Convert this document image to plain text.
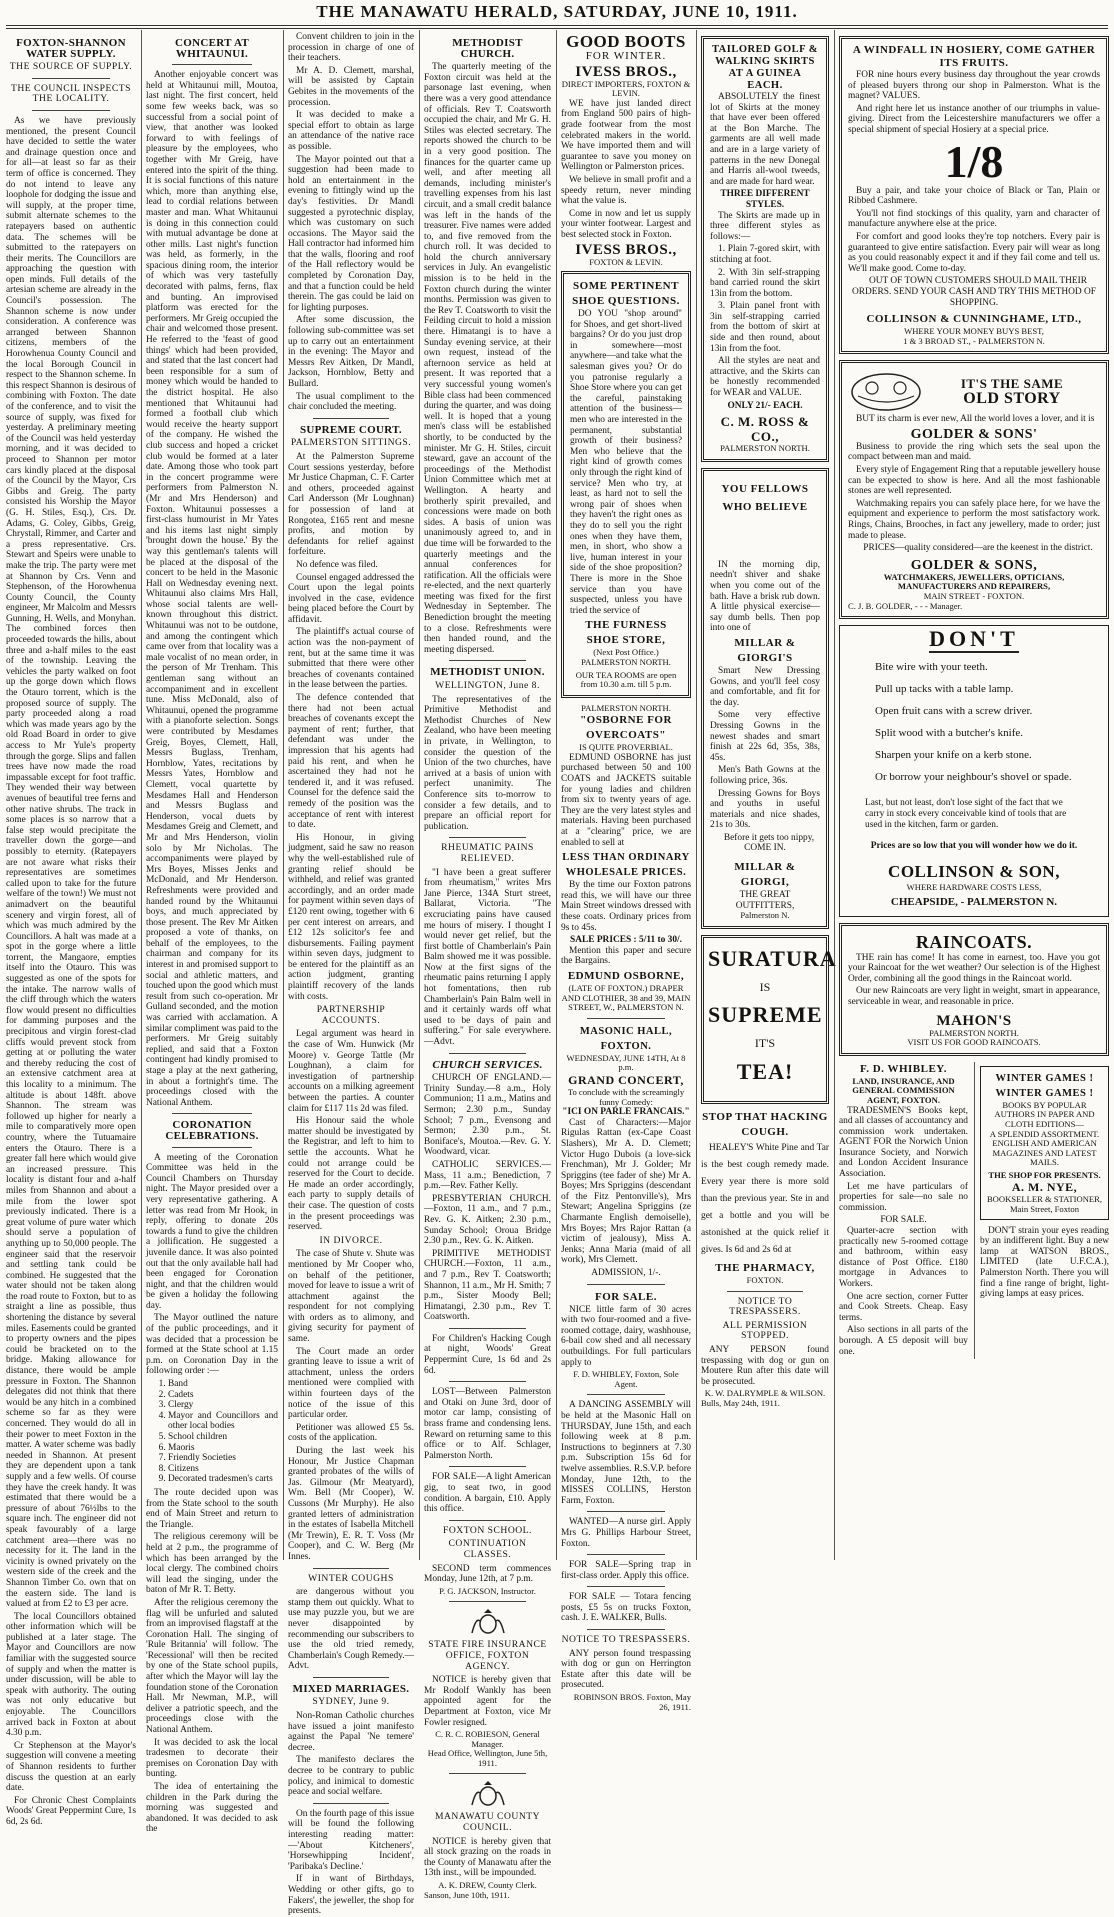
THE MANAWATU HERALD, SATURDAY, JUNE 10, 1911.
FOXTON-SHANNON WATER SUPPLY.
THE SOURCE OF SUPPLY.
THE COUNCIL INSPECTS THE LOCALITY.

As we have previously mentioned, the present Council have decided to settle the water and drainage question once and for all—at least so far as their term of office is concerned. They do not intend to leave any loophole for dodging the issue and will supply, at the proper time, submit alternate schemes to the ratepayers based on authentic data. The schemes will be submitted to the ratepayers on their merits. The Councillors are approaching the question with open minds. Full details of the artesian scheme are already in the Council's possession. The Shannon scheme is now under consideration. A conference was arranged between Shannon citizens, members of the Horowhenua County Council and the local Borough Council in respect to the Shannon scheme. In this respect Shannon is desirous of combining with Foxton. The date of the conference, and to visit the source of supply, was fixed for yesterday. A preliminary meeting of the Council was held yesterday morning, and it was decided to proceed to Shannon per motor cars kindly placed at the disposal of the Council by the Mayor, Crs Gibbs and Greig. The party consisted his Worship the Mayor (G. H. Stiles, Esq.), Crs. Dr. Adams, G. Coley, Gibbs, Greig, Chrystall, Rimmer, and Carter and a press representative. Crs. Stewart and Speirs were unable to make the trip. The party were met at Shannon by Crs. Venn and Stephenson, of the Horowhenua County Council, the County engineer, Mr Malcolm and Messrs Gunning, H. Wells, and Monyhan. The combined forces then proceeded towards the hills, about three and a-half miles to the east of the township. Leaving the vehicles the party walked on foot up the gorge down which flows the Otauro torrent, which is the proposed source of supply. The party proceeded along a road which was made years ago by the old Road Board in order to give access to Mr Yule's property through the gorge. Slips and fallen trees have now made the road impassable except for foot traffic. They wended their way between avenues of beautiful tree ferns and other native shrubs. The track in some places is so narrow that a false step would precipitate the traveller down the gorge—and possibly to eternity. (Ratepayers are not aware what risks their representatives are sometimes called upon to take for the future welfare of the town!) We must not animadvert on the beautiful scenery and virgin forest, all of which was much admired by the Councillors. A halt was made at a spot in the gorge where a little torrent, the Mangaore, empties itself into the Otauro. This was suggested as one of the spots for the intake. The narrow walls of the cliff through which the waters flow would present no difficulties for damming purposes and the precipitous and virgin forest-clad cliffs would prevent stock from getting at or polluting the water and thereby reducing the cost of an extensive catchment area at this locality to a minimum. The altitude is about 148ft. above Shannon. The stream was followed up higher for nearly a mile to comparatively more open country, where the Tutuamaire enters the Otauro. There is a greater fall here which would give an increased pressure. This locality is distant four and a-half miles from Shannon and about a mile from the lower spot previously indicated. There is a great volume of pure water which should serve a population of anything up to 50,000 people. The engineer said that the reservoir and settling tank could be combined. He suggested that the water should not be taken along the road route to Foxton, but to as straight a line as possible, thus shortening the distance by several miles. Easements could be granted to property owners and the pipes could be bracketed on to the bridge. Making allowance for distance, there would be ample pressure in Foxton. The Shannon delegates did not think that there would be any hitch in a combined scheme so far as they were concerned. They would do all in their power to meet Foxton in the matter. A water scheme was badly needed in Shannon. At present they are dependent upon a tank supply and a few wells. Of course they have the creek handy. It was estimated that there would be a pressure of about 76½lbs to the square inch. The engineer did not speak favourably of a large catchment area—there was no necessity for it. The land in the vicinity is owned privately on the western side of the creek and the Shannon Timber Co. own that on the eastern side. The land is valued at from £2 to £3 per acre.

The local Councillors obtained other information which will be published at a later stage. The Mayor and Councillors are now familiar with the suggested source of supply and when the matter is under discussion, will be able to speak with authority. The outing was not only educative but enjoyable. The Councillors arrived back in Foxton at about 4.30 p.m.

Cr Stephenson at the Mayor's suggestion will convene a meeting of Shannon residents to further discuss the question at an early date.

For Chronic Chest Complaints Woods' Great Peppermint Cure, 1s 6d, 2s 6d.

CONCERT AT WHITAUNUI.

Another enjoyable concert was held at Whitaunui mill, Moutoa, last night. The first concert, held some few weeks back, was so successful from a social point of view, that another was looked forward to with feelings of pleasure by the employees, who together with Mr Greig, have entered into the spirit of the thing. It is social functions of this nature which, more than anything else, lead to cordial relations between master and man. What Whitaunui is doing in this connection could with mutual advantage be done at other mills. Last night's function was held, as formerly, in the spacious dining room, the interior of which was very tastefully decorated with palms, ferns, flax and bunting. An improvised platform was erected for the performers. Mr Greig occupied the chair and welcomed those present. He referred to the 'feast of good things' which had been provided, and stated that the last concert had been responsible for a sum of money which would be handed to the district hospital. He also mentioned that Whitaunui had formed a football club which would receive the hearty support of the company. He wished the club success and hoped a cricket club would be formed at a later date. Among those who took part in the concert programme were performers from Palmerston N. (Mr and Mrs Henderson) and Foxton. Whitaunui possesses a first-class humourist in Mr Yates and his items last night simply 'brought down the house.' By the way this gentleman's talents will be placed at the disposal of the concert to be held in the Masonic Hall on Wednesday evening next. Whitaunui also claims Mrs Hall, whose social talents are well-known throughout this district. Whitaunui was not to be outdone, and among the contingent which came over from that locality was a male vocalist of no mean order, in the person of Mr Trenham. This gentleman sang without an accompaniment and in excellent tune. Miss McDonald, also of Whitaunui, opened the programme with a pianoforte selection. Songs were contributed by Mesdames Greig, Boyes, Clemett, Hall, Messrs Buglass, Trenham, Hornblow, Yates, recitations by Messrs Yates, Hornblow and Clemett, vocal quartette by Mesdames Hall and Henderson and Messrs Buglass and Henderson, vocal duets by Mesdames Greig and Clemett, and Mr and Mrs Henderson, violin solo by Mr Nicholas. The accompaniments were played by Mrs Boyes, Misses Jenks and McDonald, and Mr Henderson. Refreshments were provided and handed round by the Whitaunui boys, and much appreciated by those present. The Rev Mr Aitken proposed a vote of thanks, on behalf of the employees, to the chairman and company for its interest in and promised support to social and athletic matters, and touched upon the good which must result from such co-operation. Mr Gulland seconded, and the motion was carried with acclamation. A similar compliment was paid to the performers. Mr Greig suitably replied, and said that a Foxton contingent had kindly promised to stage a play at the next gathering, in about a fortnight's time. The proceedings closed with the National Anthem.

CORONATION CELEBRATIONS.

A meeting of the Coronation Committee was held in the Council Chambers on Thursday night. The Mayor presided over a very representative gathering. A letter was read from Mr Hook, in reply, offering to donate 20s towards a fund to give the children a jollification. He suggested a juvenile dance. It was also pointed out that the only available hall had been engaged for Coronation night, and that the children would be given a holiday the following day.

The Mayor outlined the nature of the public proceedings, and it was decided that a procession be formed at the State school at 1.15 p.m. on Coronation Day in the following order :—

1. Band
2. Cadets
3. Clergy
4. Mayor and Councillors and other local bodies
5. School children
6. Maoris
7. Friendly Societies
8. Citizens
9. Decorated tradesmen's carts

The route decided upon was from the State school to the south end of Main Street and return to the Triangle.

The religious ceremony will be held at 2 p.m., the programme of which has been arranged by the local clergy. The combined choirs will lead the singing, under the baton of Mr R. T. Betty.

After the religious ceremony the flag will be unfurled and saluted from an improvised flagstaff at the Coronation Hall. The singing of 'Rule Britannia' will follow. The 'Recessional' will then be recited by one of the State school pupils, after which the Mayor will lay the foundation stone of the Coronation Hall. Mr Newman, M.P., will deliver a patriotic speech, and the proceedings close with the National Anthem.

It was decided to ask the local tradesmen to decorate their premises on Coronation Day with bunting.

The idea of entertaining the children in the Park during the morning was suggested and abandoned. It was decided to ask the

Convent children to join in the procession in charge of one of their teachers.

Mr A. D. Clemett, marshal, will be assisted by Captain Gebites in the movements of the procession.

It was decided to make a special effort to obtain as large an attendance of the native race as possible.

The Mayor pointed out that a suggestion had been made to hold an entertainment in the evening to fittingly wind up the day's festivities. Dr Mandl suggested a pyrotechnic display, which was customary on such occasions. The Mayor said the Hall contractor had informed him that the walls, flooring and roof of the Hall reflectory would be completed by Coronation Day, and that a function could be held therein. The gas could be laid on for lighting purposes.

After some discussion, the following sub-committee was set up to carry out an entertainment in the evening: The Mayor and Messrs Rev Aitken, Dr Mandl, Jackson, Hornblow, Betty and Bullard.

The usual compliment to the chair concluded the meeting.

SUPREME COURT.
PALMERSTON SITTINGS.

At the Palmerston Supreme Court sessions yesterday, before Mr Justice Chapman, C. F. Carter and others, proceeded against Carl Andersson (Mr Loughnan) for possession of land at Rongotea, £165 rent and mesne profits, and motion by defendants for relief against forfeiture.

No defence was filed.

Counsel engaged addressed the Court upon the legal points involved in the case, evidence being placed before the Court by affidavit.

The plaintiff's actual course of action was the non-payment of rent, but at the same time it was submitted that there were other breaches of covenants contained in the lease between the parties.

The defence contended that there had not been actual breaches of covenants except the payment of rent; further, that defendant was under the impression that his agents had paid his rent, and when he ascertained they had not he tendered it, and it was refused. Counsel for the defence said the remedy of the position was the acceptance of rent with interest to date.

His Honour, in giving judgment, said he saw no reason why the well-established rule of granting relief should be withheld, and relief was granted accordingly, and an order made for payment within seven days of £120 rent owing, together with 6 per cent interest on arrears, and £12 12s solicitor's fee and disbursements. Failing payment within seven days, judgment to be entered for the plaintiff as an action judgment, granting plaintiff recovery of the lands with costs.

PARTNERSHIP ACCOUNTS.

Legal argument was heard in the case of Wm. Hunwick (Mr Moore) v. George Tattle (Mr Loughnan), a claim for investigation of partnership accounts on a milking agreement between the parties. A counter claim for £117 11s 2d was filed.

His Honour said the whole matter should be investigated by the Registrar, and left to him to settle the accounts. What he could not arrange could be reserved for the Court to decide. He made an order accordingly, each party to supply details of their case. The question of costs in the present proceedings was reserved.

IN DIVORCE.

The case of Shute v. Shute was mentioned by Mr Cooper who, on behalf of the petitioner, moved for leave to issue a writ of attachment against the respondent for not complying with orders as to alimony, and giving security for payment of same.

The Court made an order granting leave to issue a writ of attachment, unless the orders mentioned were complied with within fourteen days of the notice of the issue of this particular order.

Petitioner was allowed £5 5s. costs of the application.

During the last week his Honour, Mr Justice Chapman granted probates of the wills of Jas. Gilmour (Mr Meatyard), Wm. Bell (Mr Cooper), W. Cussons (Mr Murphy). He also granted letters of administration in the estates of Isabella Mitchell (Mr Trewin), E. R. T. Voss (Mr Cooper), and C. W. Berg (Mr Innes.

WINTER COUGHS

are dangerous without you stamp them out quickly. What to use may puzzle you, but we are never disappointed by recommending our subscribers to use the old tried remedy, Chamberlain's Cough Remedy.—Advt.

MIXED MARRIAGES.
SYDNEY, June 9.

Non-Roman Catholic churches have issued a joint manifesto against the Papal 'Ne temere' decree.

The manifesto declares the decree to be contrary to public policy, and inimical to domestic peace and social welfare.

On the fourth page of this issue will be found the following interesting reading matter:—'About Kitcheners', 'Horsewhipping Incident', 'Paribaka's Decline.'

If in want of Birthdays, Wedding or other gifts, go to Fakers', the jeweller, the shop for presents.

METHODIST CHURCH.

The quarterly meeting of the Foxton circuit was held at the parsonage last evening, when there was a very good attendance of officials. Rev T. Coatsworth occupied the chair, and Mr G. H. Stiles was elected secretary. The reports showed the church to be in a very good position. The finances for the quarter came up well, and after meeting all demands, including minister's travelling expenses from his last circuit, and a small credit balance was left in the hands of the treasurer. Five names were added to, and five removed from the church roll. It was decided to hold the church anniversary services in July. An evangelistic mission is to be held in the Foxton church during the winter months. Permission was given to the Rev T. Coatsworth to visit the Feilding circuit to hold a mission there. Himatangi is to have a Sunday evening service, at their own request, instead of the afternoon service as held at present. It was reported that a very successful young women's Bible class had been commenced during the quarter, and was doing well. It is hoped that a young men's class will be established shortly, to be conducted by the minister. Mr G. H. Stiles, circuit steward, gave an account of the proceedings of the Methodist Union Committee which met at Wellington. A hearty and brotherly spirit prevailed, and concessions were made on both sides. A basis of union was unanimously agreed to, and in due time will be forwarded to the quarterly meetings and the annual conferences for ratification. All the officials were re-elected, and the next quarterly meeting was fixed for the first Wednesday in September. The Benediction brought the meeting to a close. Refreshments were then handed round, and the meeting dispersed.

METHODIST UNION.
WELLINGTON, June 8.

The representatives of the Primitive Methodist and Methodist Churches of New Zealand, who have been meeting in private, in Wellington, to consider the question of the Union of the two churches, have arrived at a basis of union with perfect unanimity. The Conference sits to-morrow to consider a few details, and to prepare an official report for publication.

RHEUMATIC PAINS RELIEVED.

"I have been a great sufferer from rheumatism," writes Mrs Jane Pierce, 134A Sturt street, Ballarat, Victoria. "The excruciating pains have caused me hours of misery. I thought I would never get relief, but the first bottle of Chamberlain's Pain Balm showed me it was possible. Now at the first signs of the rheumatic pains returning I apply hot fomentations, then rub Chamberlain's Pain Balm well in and it certainly wards off what used to be days of pain and suffering." For sale everywhere.—Advt.

CHURCH SERVICES.

CHURCH OF ENGLAND.—Trinity Sunday.—8 a.m., Holy Communion; 11 a.m., Matins and Sermon; 2.30 p.m., Sunday School; 7 p.m., Evensong and Sermon; 2.30 p.m., St. Boniface's, Moutoa.—Rev. G. Y. Woodward, vicar.

CATHOLIC SERVICES.—Mass, 11 a.m.; Benediction, 7 p.m.—Rev. Father Kelly.

PRESBYTERIAN CHURCH.—Foxton, 11 a.m., and 7 p.m., Rev. G. K. Aitken; 2.30 p.m., Sunday School; Oroua Bridge 2.30 p.m., Rev. G. K. Aitken.

PRIMITIVE METHODIST CHURCH.—Foxton, 11 a.m., and 7 p.m., Rev T. Coatsworth; Shannon, 11 a.m., Mr H. Smith; 7 p.m., Sister Moody Bell; Himatangi, 2.30 p.m., Rev T. Coatsworth.

For Children's Hacking Cough at night, Woods' Great Peppermint Cure, 1s 6d and 2s 6d.

LOST—Between Palmerston and Otaki on June 3rd, door of motor car lamp, consisting of brass frame and condensing lens. Reward on returning same to this office or to Alf. Schlager, Palmerston North.

FOR SALE—A light American gig, to seat two, in good condition. A bargain, £10. Apply this office.

FOXTON SCHOOL.
CONTINUATION CLASSES.

SECOND term commences Monday, June 12th, at 7 p.m.

P. G. JACKSON, Instructor.
STATE FIRE INSURANCE OFFICE, FOXTON AGENCY.

NOTICE is hereby given that Mr Rodolf Wankly has been appointed agent for the Department at Foxton, vice Mr Fowler resigned.

C. R. C. ROBIESON, General Manager.
Head Office, Wellington, June 5th, 1911.
MANAWATU COUNTY COUNCIL.

NOTICE is hereby given that all stock grazing on the roads in the County of Manawatu after the 13th inst., will be impounded.

A. K. DREW, County Clerk.
Sanson, June 10th, 1911.
GOOD BOOTS
FOR WINTER.
IVESS BROS.,
DIRECT IMPORTERS, FOXTON & LEVIN.

WE have just landed direct from England 500 pairs of high-grade footwear from the most celebrated makers in the world. We have imported them and will guarantee to save you money on Wellington or Palmerston prices.

We believe in small profit and a speedy return, never minding what the value is.

Come in now and let us supply your winter footwear. Largest and best selected stock in Foxton.

IVESS BROS.,
FOXTON & LEVIN.
SOME PERTINENT SHOE QUESTIONS.

DO YOU "shop around" for Shoes, and get short-lived bargains? Or do you just drop in somewhere—most anywhere—and take what the salesman gives you? Or do you patronise regularly a Shoe Store where you can get the careful, painstaking attention of the business—men who are interested in the permanent, substantial growth of their business? Men who believe that the right kind of growth comes only through the right kind of service? Men who try, at least, as hard not to sell the wrong pair of shoes when they haven't the right ones as they do to sell you the right ones when they have them, men, in short, who show a live, human interest in your side of the shoe proposition? There is more in the Shoe service than you have suspected, unless you have tried the service of

THE FURNESS SHOE STORE,
(Next Post Office.) PALMERSTON NORTH.
OUR TEA ROOMS are open from 10.30 a.m. till 5 p.m.
PALMERSTON NORTH.
"OSBORNE FOR OVERCOATS"
IS QUITE PROVERBIAL.

EDMUND OSBORNE has just purchased between 50 and 100 COATS and JACKETS suitable for young ladies and children from six to twenty years of age. They are the very latest styles and materials. Having been purchased at a "clearing" price, we are enabled to sell at

LESS THAN ORDINARY WHOLESALE PRICES.

By the time our Foxton patrons read this, we will have our three Main Street windows dressed with these coats. Ordinary prices from 9s to 45s.

SALE PRICES : 5/11 to 30/.

Mention this paper and secure the Bargains.

EDMUND OSBORNE,
(LATE OF FOXTON.) DRAPER AND CLOTHIER, 38 and 39, MAIN STREET, W., PALMERSTON N.
MASONIC HALL, FOXTON.
WEDNESDAY, JUNE 14TH, At 8 p.m.
GRAND CONCERT,
To conclude with the screamingly funny Comedy:
"ICI ON PARLE FRANCAIS."

Cast of Characters:—Major Rigulas Rattan (ex-Cape Coast Slashers), Mr A. D. Clemett; Victor Hugo Dubois (a love-sick Frenchman), Mr J. Golder; Mr Spriggins (tee fader of she) Mr A. Boyes; Mrs Spriggins (descendant of the Fitz Pentonville's), Mrs Stewart; Angelina Spriggins (ze Charmante English demoiselle), Mrs Boyes; Mrs Rajor Rattan (a victim of jealousy), Miss A. Jenks; Anna Maria (maid of all work), Mrs Clemett.

ADMISSION, 1/-.
FOR SALE.

NICE little farm of 30 acres with two four-roomed and a five-roomed cottage, dairy, washhouse, 6-bail cow shed and all necessary outbuildings. For full particulars apply to

F. D. WHIBLEY, Foxton, Sole Agent.

A DANCING ASSEMBLY will be held at the Masonic Hall on THURSDAY, June 15th, and each following week at 8 p.m. Instructions to beginners at 7.30 p.m. Subscription 15s 6d for twelve assemblies. R.S.V.P. before Monday, June 12th, to the MISSES COLLINS, Herston Farm, Foxton.

WANTED—A nurse girl. Apply Mrs G. Phillips Harbour Street, Foxton.

FOR SALE—Spring trap in first-class order. Apply this office.

FOR SALE — Totara fencing posts, £5 5s on trucks Foxton, cash. J. E. WALKER, Bulls.

NOTICE TO TRESPASSERS.

ANY person found trespassing with dog or gun on Herrington Estate after this date will be prosecuted.

ROBINSON BROS. Foxton, May 26, 1911.
TAILORED GOLF & WALKING SKIRTS AT A GUINEA EACH.

ABSOLUTELY the finest lot of Skirts at the money that have ever been offered at the Bon Marche. The garments are all well made and are in a large variety of patterns in the new Donegal and Harris all-wool tweeds, and are made for hard wear.

THREE DIFFERENT STYLES.

The Skirts are made up in three different styles as follows:—

1. Plain 7-gored skirt, with stitching at foot.

2. With 3in self-strapping band carried round the skirt 13in from the bottom.

3. Plain panel front with 3in self-strapping carried from the bottom of skirt at side and then round, about 13in from the foot.

All the styles are neat and attractive, and the Skirts can be honestly recommended for WEAR and VALUE.

ONLY 21/- EACH.
C. M. ROSS & CO.,
PALMERSTON NORTH.
YOU FELLOWS WHO BELIEVE

IN the morning dip, needn't shiver and shake when you come out of the bath. Have a brisk rub down. A little physical exercise—say dumb bells. Then pop into one of

MILLAR & GIORGI'S

Smart New Dressing Gowns, and you'll feel cosy and comfortable, and fit for the day.

Some very effective Dressing Gowns in the newest shades and smart finish at 22s 6d, 35s, 38s, 45s.

Men's Bath Gowns at the following price, 36s.

Dressing Gowns for Boys and youths in useful materials and nice shades, 21s to 30s.

Before it gets too nippy, COME IN.

MILLAR & GIORGI,
THE GREAT OUTFITTERS,
Palmerston N.
SURATURA
IS
SUPREME
IT'S
TEA!
STOP THAT HACKING COUGH.

HEALEY'S White Pine and Tar is the best cough remedy made. Every year there is more sold than the previous year. Ste in and get a bottle and you will be astonished at the quick relief it gives. Is 6d and 2s 6d at

THE PHARMACY,
FOXTON.
NOTICE TO TRESPASSERS.
ALL PERMISSION STOPPED.

ANY PERSON found trespassing with dog or gun on Moutere Run after this date will be prosecuted.

K. W. DALRYMPLE & WILSON.
Bulls, May 24th, 1911.
A WINDFALL IN HOSIERY, COME GATHER ITS FRUITS.

FOR nine hours every business day throughout the year crowds of pleased buyers throng our shop in Palmerston. What is the magnet? VALUES.

And right here let us instance another of our triumphs in value-giving. Direct from the Leicestershire manufacturers we offer a special shipment of special Hosiery at a special price.

1/8

Buy a pair, and take your choice of Black or Tan, Plain or Ribbed Cashmere.

You'll not find stockings of this quality, yarn and character of manufacture anywhere else at the price.

For comfort and good looks they're top notchers. Every pair is guaranteed to give entire satisfaction. Every pair will wear as long as you could reasonably expect it and if they fail come and tell us. We'll make good. Come to-day.

OUT OF TOWN CUSTOMERS SHOULD MAIL THEIR ORDERS. SEND YOUR CASH AND TRY THIS METHOD OF SHOPPING.

COLLINSON & CUNNINGHAME, LTD.,
WHERE YOUR MONEY BUYS BEST,
1 & 3 BROAD ST., - PALMERSTON N.
IT'S THE SAME
OLD STORY

BUT its charm is ever new, All the world loves a lover, and it is

GOLDER & SONS'

Business to provide the ring which sets the seal upon the compact between man and maid.

Every style of Engagement Ring that a reputable jewellery house can be expected to show is here. And all the most fashionable stones are well represented.

Watchmaking repairs you can safely place here, for we have the equipment and experience to perform the most satisfactory work. Rings, Chains, Brooches, in fact any jewellery, made to order; just made to please.

PRICES—quality considered—are the keenest in the district.

GOLDER & SONS,
WATCHMAKERS, JEWELLERS, OPTICIANS, MANUFACTURERS AND REPAIRERS,
MAIN STREET - FOXTON.
C. J. B. GOLDER, - - - Manager.
DON'T

Bite wire with your teeth.

Pull up tacks with a table lamp.

Open fruit cans with a screw driver.

Split wood with a butcher's knife.

Sharpen your knife on a kerb stone.

Or borrow your neighbour's shovel or spade.

Last, but not least, don't lose sight of the fact that we carry in stock every conceivable kind of tools that are used in the kitchen, farm or garden.
Prices are so low that you will wonder how we do it.
COLLINSON & SON,
WHERE HARDWARE COSTS LESS,
CHEAPSIDE, - PALMERSTON N.
RAINCOATS.

THE rain has come! It has come in earnest, too. Have you got your Raincoat for the wet weather? Our selection is of the Highest Order, combining all the good things in the Raincoat world.

Our new Raincoats are very light in weight, smart in appearance, serviceable in wear, and reasonable in price.

MAHON'S
PALMERSTON NORTH.
VISIT US FOR GOOD RAINCOATS.
F. D. WHIBLEY.
LAND, INSURANCE, AND GENERAL COMMISSION AGENT, FOXTON.

TRADESMEN'S Books kept, and all classes of accountancy and commission work undertaken. AGENT FOR the Norwich Union Insurance Society, and Norwich and London Accident Insurance Association.

Let me have particulars of properties for sale—no sale no commission.

FOR SALE.

Quarter-acre section with practically new 5-roomed cottage and bathroom, within easy distance of Post Office. £180 mortgage in Advances to Workers.

One acre section, corner Futter and Cook Streets. Cheap. Easy terms.

Also sections in all parts of the borough. A £5 deposit will buy one.

WINTER GAMES ! WINTER GAMES !
BOOKS BY POPULAR AUTHORS IN PAPER AND CLOTH EDITIONS—
A SPLENDID ASSORTMENT.
ENGLISH AND AMERICAN MAGAZINES AND LATEST MAILS.
THE SHOP FOR PRESENTS.
A. M. NYE,
BOOKSELLER & STATIONER,
Main Street, Foxton

DON'T strain your eyes reading by an indifferent light. Buy a new lamp at WATSON BROS., LIMITED (late U.F.C.A.), Palmerston North. There you will find a fine range of bright, light-giving lamps at easy prices.
